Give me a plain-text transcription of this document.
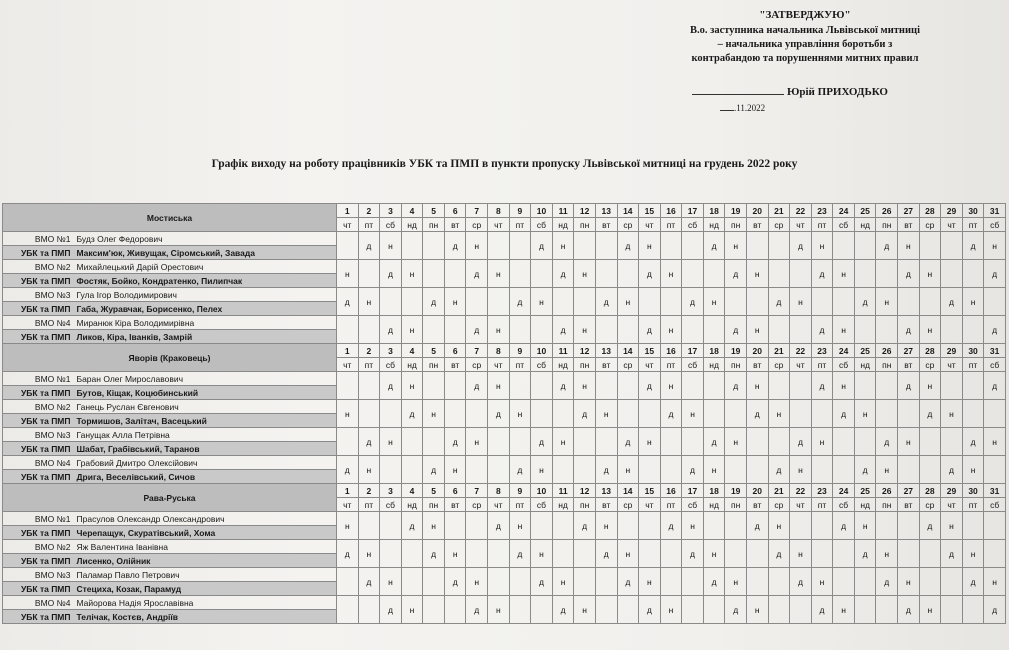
"ЗАТВЕРДЖУЮ"
В.о. заступника начальника Львівської митниці
– начальника управління боротьби з
контрабандою та порушеннями митних правил
Юрій ПРИХОДЬКО
.11.2022
Графік виходу на роботу працівників УБК та ПМП в пункти пропуску Львівської митниці на грудень 2022 року
Мостиська		1	2	3	4	5	6	7	8	9	10	11	12	13	14	15	16	17	18	19	20	21	22	23	24	25	26	27	28	29	30	31
		чт	пт	сб	нд	пн	вт	ср	чт	пт	сб	нд	пн	вт	ср	чт	пт	сб	нд	пн	вт	ср	чт	пт	сб	нд	пн	вт	ср	чт	пт	сб
ВМО №1	Будз Олег Федорович		д	н			д	н			д	н			д	н			д	н			д	н			д	н			д	н
УБК та ПМП	Максим'юк, Живущак, Сіромський, Завада																															
ВМО №2	Михайлецький Дарій Орестович	н		д	н			д	н			д	н			д	н			д	н			д	н			д	н			д
УБК та ПМП	Фостяк, Бойко, Кондратенко, Пилипчак																															
ВМО №3	Гула Ігор Володимирович	д	н			д	н			д	н			д	н			д	н			д	н			д	н			д	н	
УБК та ПМП	Габа, Журавчак, Борисенко, Пелех																															
ВМО №4	Миранюк Кіра Володимирівна			д	н			д	н			д	н			д	н			д	н			д	н			д	н			д
УБК та ПМП	Ликов, Кіра, Іванків, Замрій																															
Яворів (Краковець)		1	2	3	4	5	6	7	8	9	10	11	12	13	14	15	16	17	18	19	20	21	22	23	24	25	26	27	28	29	30	31
		чт	пт	сб	нд	пн	вт	ср	чт	пт	сб	нд	пн	вт	ср	чт	пт	сб	нд	пн	вт	ср	чт	пт	сб	нд	пн	вт	ср	чт	пт	сб
ВМО №1	Баран Олег Мирославович			д	н			д	н			д	н			д	н			д	н			д	н			д	н			д
УБК та ПМП	Бутов, Кіщак, Коцюбинський																															
ВМО №2	Ганець Руслан Євгенович	н			д	н			д	н			д	н			д	н			д	н			д	н			д	н		
УБК та ПМП	Тормишов, Залітач, Васецький																															
ВМО №3	Ганущак Алла Петрівна		д	н			д	н			д	н			д	н			д	н			д	н			д	н			д	н
УБК та ПМП	Шабат, Грабівський, Таранов																															
ВМО №4	Грабовий Дмитро Олексійович	д	н			д	н			д	н			д	н			д	н			д	н			д	н			д	н	
УБК та ПМП	Дрига, Веселівський, Сичов																															
Рава-Руська		1	2	3	4	5	6	7	8	9	10	11	12	13	14	15	16	17	18	19	20	21	22	23	24	25	26	27	28	29	30	31
		чт	пт	сб	нд	пн	вт	ср	чт	пт	сб	нд	пн	вт	ср	чт	пт	сб	нд	пн	вт	ср	чт	пт	сб	нд	пн	вт	ср	чт	пт	сб
ВМО №1	Прасулов Олександр Олександрович	н			д	н			д	н			д	н			д	н			д	н			д	н			д	н		
УБК та ПМП	Черепащук, Скуратівський, Хома																															
ВМО №2	Яж Валентина Іванівна	д	н			д	н			д	н			д	н			д	н			д	н			д	н			д	н	
УБК та ПМП	Лисенко, Олійник																															
ВМО №3	Паламар Павло Петрович		д	н			д	н			д	н			д	н			д	н			д	н			д	н			д	н
УБК та ПМП	Стециха, Козак, Парамуд																															
ВМО №4	Майорова Надія Ярославівна			д	н			д	н			д	н			д	н			д	н			д	н			д	н			д
УБК та ПМП	Телічак, Костєв, Андріїв																															
